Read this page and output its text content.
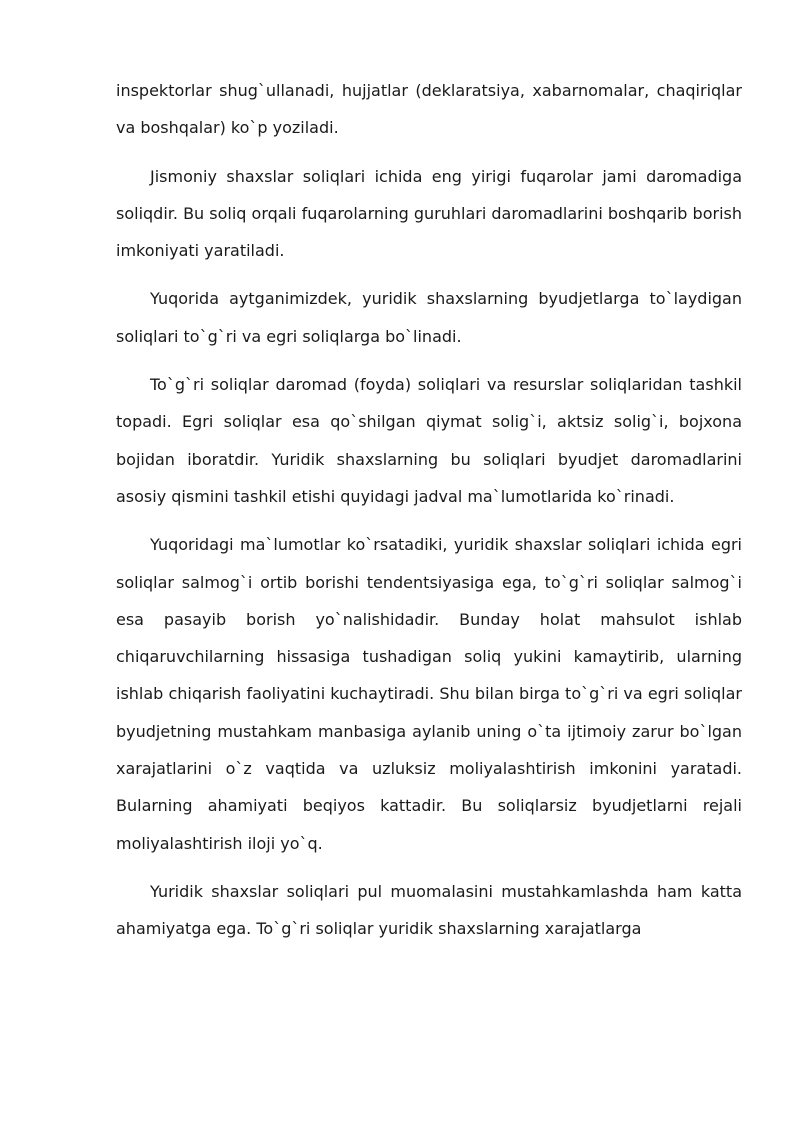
inspektorlar shug`ullanadi, hujjatlar (deklaratsiya, xabarnomalar, chaqiriqlar va boshqalar) ko`p yoziladi.

Jismoniy shaxslar soliqlari ichida eng yirigi fuqarolar jami daromadiga soliqdir. Bu soliq orqali fuqarolarning guruhlari daromadlarini boshqarib borish imkoniyati yaratiladi.

Yuqorida aytganimizdek, yuridik shaxslarning byudjetlarga to`laydigan soliqlari to`g`ri va egri soliqlarga bo`linadi.

To`g`ri soliqlar daromad (foyda) soliqlari va resurslar soliqlaridan tashkil topadi. Egri soliqlar esa qo`shilgan qiymat solig`i, aktsiz solig`i, bojxona bojidan iboratdir. Yuridik shaxslarning bu soliqlari byudjet daromadlarini asosiy qismini tashkil etishi quyidagi jadval ma`lumotlarida ko`rinadi.

Yuqoridagi ma`lumotlar ko`rsatadiki, yuridik shaxslar soliqlari ichida egri soliqlar salmog`i ortib borishi tendentsiyasiga ega, to`g`ri soliqlar salmog`i esa pasayib borish yo`nalishidadir. Bunday holat mahsulot ishlab chiqaruvchilarning hissasiga tushadigan soliq yukini kamaytirib, ularning ishlab chiqarish faoliyatini kuchaytiradi. Shu bilan birga to`g`ri va egri soliqlar byudjetning mustahkam manbasiga aylanib uning o`ta ijtimoiy zarur bo`lgan xarajatlarini o`z vaqtida va uzluksiz moliyalashtirish imkonini yaratadi. Bularning ahamiyati beqiyos kattadir. Bu soliqlarsiz byudjetlarni rejali moliyalashtirish iloji yo`q.

Yuridik shaxslar soliqlari pul muomalasini mustahkamlashda ham katta ahamiyatga ega. To`g`ri soliqlar yuridik shaxslarning xarajatlarga
